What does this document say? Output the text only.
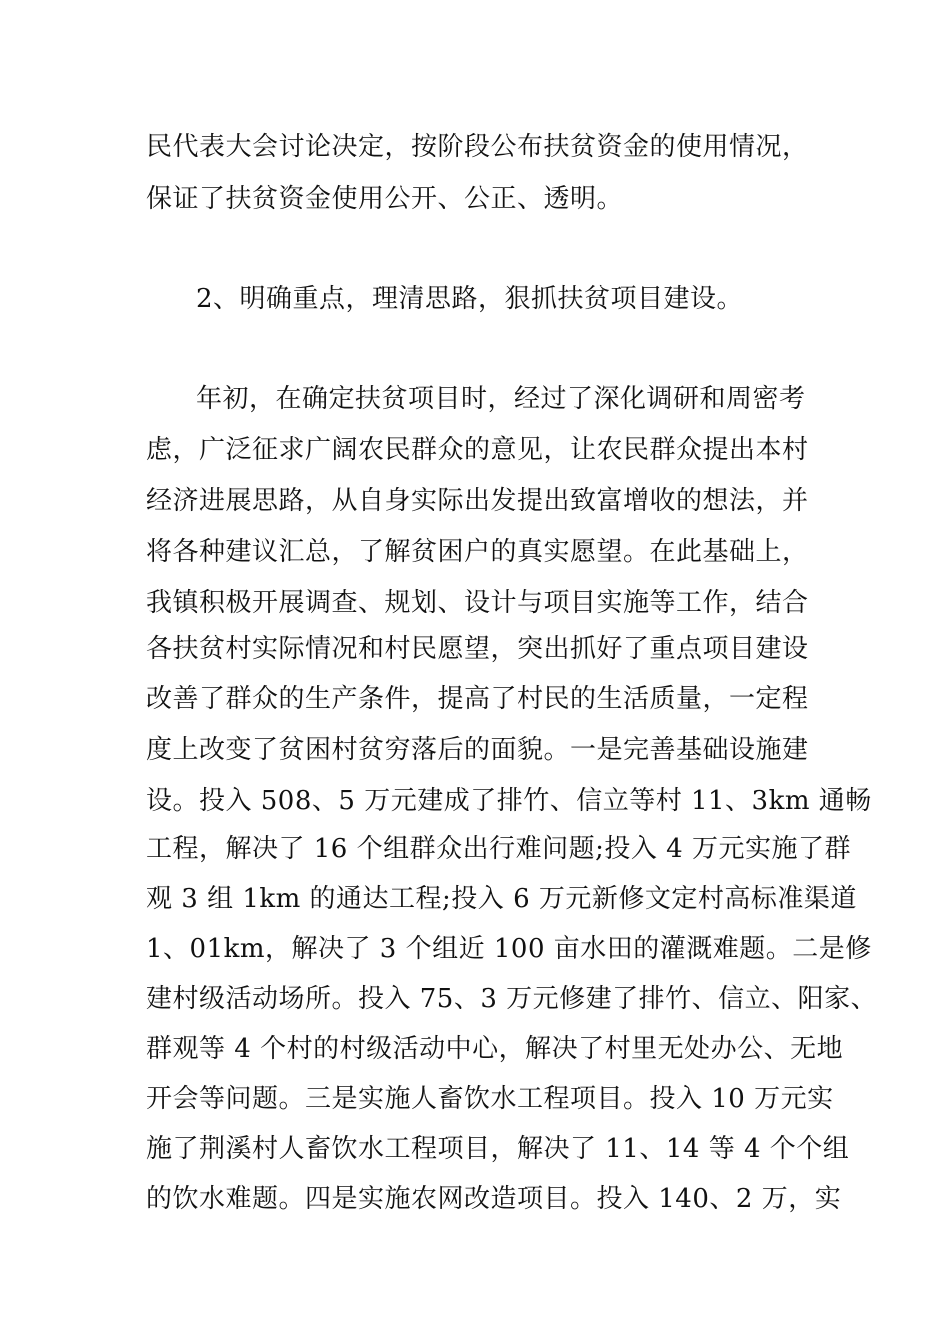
民代表大会讨论决定，按阶段公布扶贫资金的使用情况，
保证了扶贫资金使用公开、公正、透明。
2、明确重点，理清思路，狠抓扶贫项目建设。
年初，在确定扶贫项目时，经过了深化调研和周密考
虑，广泛征求广阔农民群众的意见，让农民群众提出本村
经济进展思路，从自身实际出发提出致富增收的想法，并
将各种建议汇总，了解贫困户的真实愿望。在此基础上，
我镇积极开展调查、规划、设计与项目实施等工作，结合
各扶贫村实际情况和村民愿望，突出抓好了重点项目建设
改善了群众的生产条件，提高了村民的生活质量，一定程
度上改变了贫困村贫穷落后的面貌。一是完善基础设施建
设。投入 508、5 万元建成了排竹、信立等村 11、3km 通畅
工程，解决了 16 个组群众出行难问题;投入 4 万元实施了群
观 3 组 1km 的通达工程;投入 6 万元新修文定村高标准渠道
1、01km，解决了 3 个组近 100 亩水田的灌溉难题。二是修
建村级活动场所。投入 75、3 万元修建了排竹、信立、阳家、
群观等 4 个村的村级活动中心，解决了村里无处办公、无地
开会等问题。三是实施人畜饮水工程项目。投入 10 万元实
施了荆溪村人畜饮水工程项目，解决了 11、14 等 4 个个组
的饮水难题。四是实施农网改造项目。投入 140、2 万，实
